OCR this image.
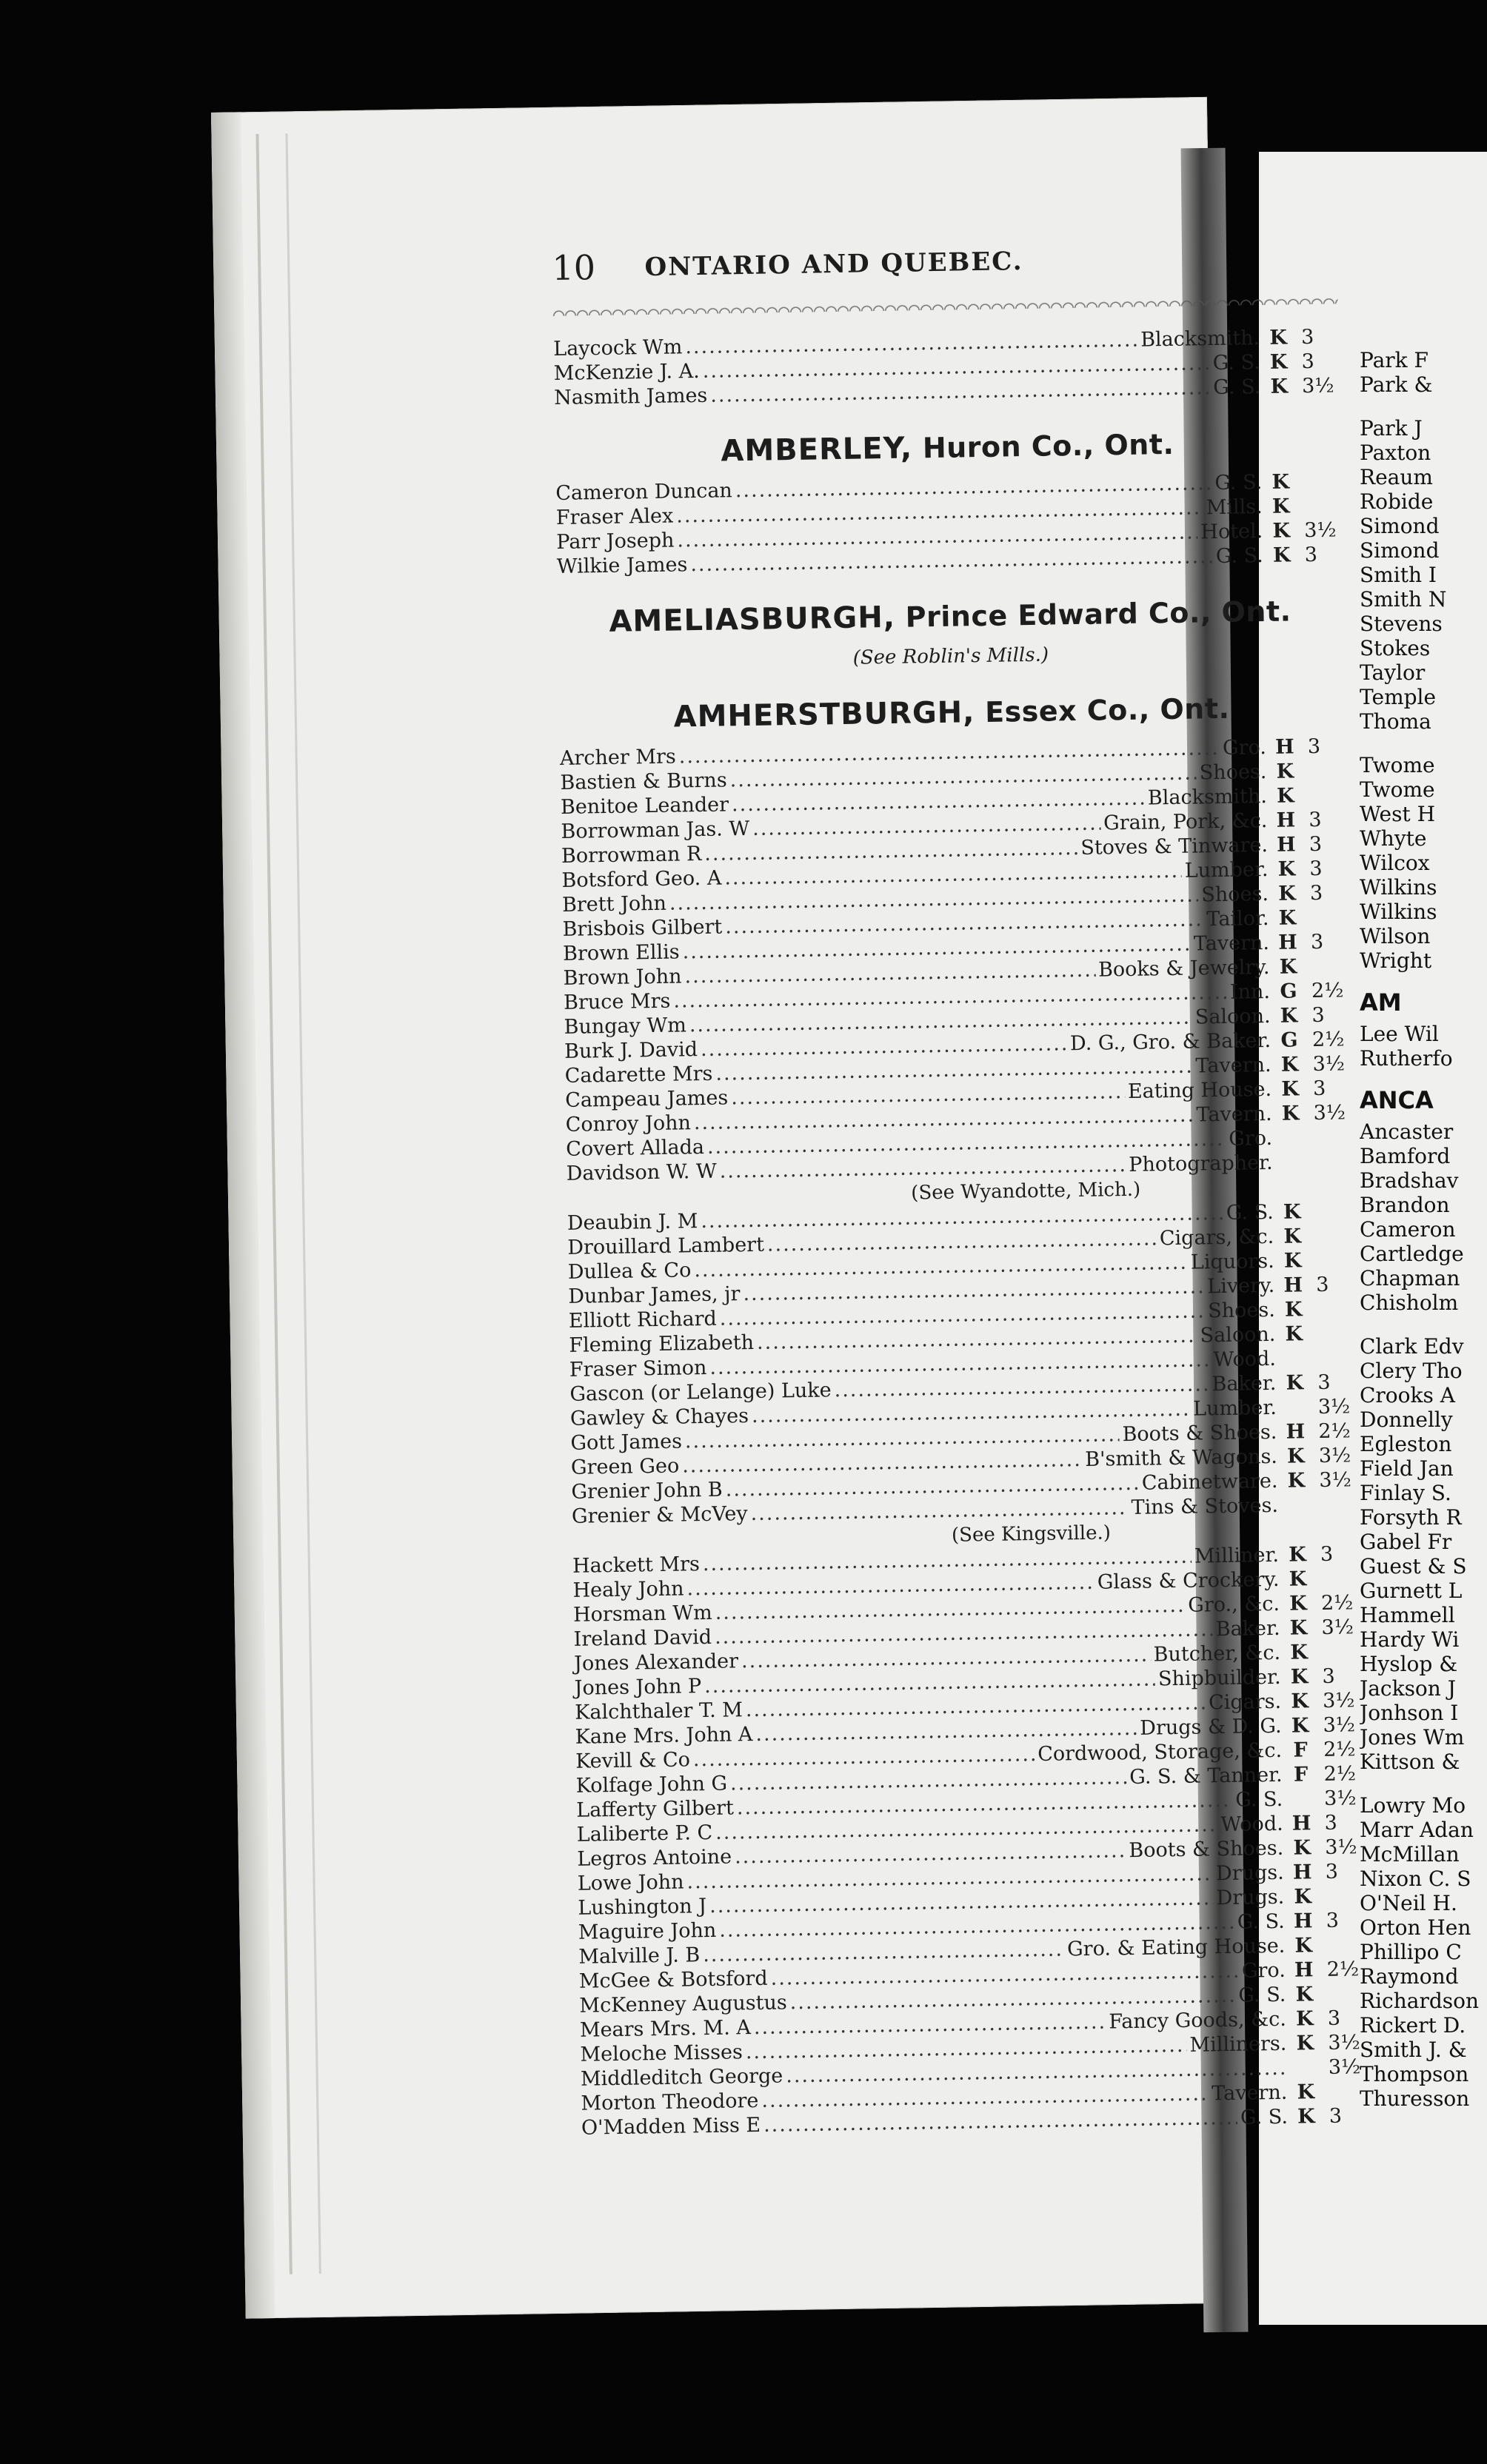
10 ONTARIO AND QUEBEC.
Laycock Wm .....	Blacksmith. K 3
McKenzie J. A. .....	G. S. K 3
Nasmith James .....	G. S. K 3½
AMBERLEY, Huron Co., Ont.
Cameron Duncan .....	G. S. K
Fraser Alex .....	Mills. K
Parr Joseph .....	Hotel. K 3½
Wilkie James .....	G. S. K 3
AMELIASBURGH, Prince Edward Co., Ont.
(See Roblin's Mills.)
AMHERSTBURGH, Essex Co., Ont.
Archer Mrs .....	Gro. H 3
Bastien & Burns .....	Shoes. K
Benitoe Leander .....	Blacksmith. K
Borrowman Jas. W .....	Grain, Pork, &c. H 3
Borrowman R .....	Stoves & Tinware. H 3
Botsford Geo. A .....	Lumber. K 3
Brett John .....	Shoes. K 3
Brisbois Gilbert .....	Tailor. K
Brown Ellis .....	Tavern. H 3
Brown John .....	Books & Jewelry. K
Bruce Mrs .....	Inn. G 2½
Bungay Wm .....	Saloon. K 3
Burk J. David .....	D. G., Gro. & Baker. G 2½
Cadarette Mrs .....	Tavern. K 3½
Campeau James .....	Eating House. K 3
Conroy John .....	Tavern. K 3½
Covert Allada .....	Gro.
Davidson W. W .....	Photographer.
(See Wyandotte, Mich.)
Deaubin J. M .....	G. S. K
Drouillard Lambert .....	Cigars, &c. K
Dullea & Co .....	Liquors. K
Dunbar James, jr .....	Livery. H 3
Elliott Richard .....	Shoes. K
Fleming Elizabeth .....	Saloon. K
Fraser Simon .....	Wood.
Gascon (or Lelange) Luke .....	Baker. K 3
Gawley & Chayes .....	Lumber. 3½
Gott James .....	Boots & Shoes. H 2½
Green Geo .....	B'smith & Wagons. K 3½
Grenier John B .....	Cabinetware. K 3½
Grenier & McVey .....	Tins & Stoves.
(See Kingsville.)
Hackett Mrs .....	Milliner. K 3
Healy John .....	Glass & Crockery. K
Horsman Wm .....	Gro., &c. K 2½
Ireland David .....	Baker. K 3½
Jones Alexander .....	Butcher, &c. K
Jones John P .....	Shipbuilder. K 3
Kalchthaler T. M .....	Cigars. K 3½
Kane Mrs. John A .....	Drugs & D. G. K 3½
Kevill & Co .....	Cordwood, Storage, &c. F 2½
Kolfage John G .....	G. S. & Tanner. F 2½
Lafferty Gilbert .....	G. S. 3½
Laliberte P. C .....	Wood. H 3
Legros Antoine .....	Boots & Shoes. K 3½
Lowe John .....	Drugs. H 3
Lushington J .....	Drugs. K
Maguire John .....	G. S. H 3
Malville J. B .....	Gro. & Eating House. K
McGee & Botsford .....	Gro. H 2½
McKenney Augustus .....	G. S. K
Mears Mrs. M. A .....	Fancy Goods, &c. K 3
Meloche Misses .....	Milliners. K 3½
Middleditch George .....	3½
Morton Theodore .....	Tavern. K
O'Madden Miss E .....	G. S. K 3
Park F
Park &
Park J
Paxton
Reaum
Robide
Simond
Simond
Smith I
Smith N
Stevens
Stokes
Taylor
Temple
Thoma
Twome
Twome
West H
Whyte
Wilcox
Wilkins
Wilkins
Wilson
Wright
AM
Lee Wil
Rutherfo
ANCA
Ancaster
Bamford
Bradshav
Brandon
Cameron
Cartledge
Chapman
Chisholm
Clark Edv
Clery Tho
Crooks A
Donnelly
Egleston
Field Jan
Finlay S.
Forsyth R
Gabel Fr
Guest & S
Gurnett L
Hammell
Hardy Wi
Hyslop &
Jackson J
Jonhson I
Jones Wm
Kittson &
Lowry Mo
Marr Adan
McMillan
Nixon C. S
O'Neil H.
Orton Hen
Phillipo C
Raymond
Richardson
Rickert D.
Smith J. &
Thompson
Thuresson
